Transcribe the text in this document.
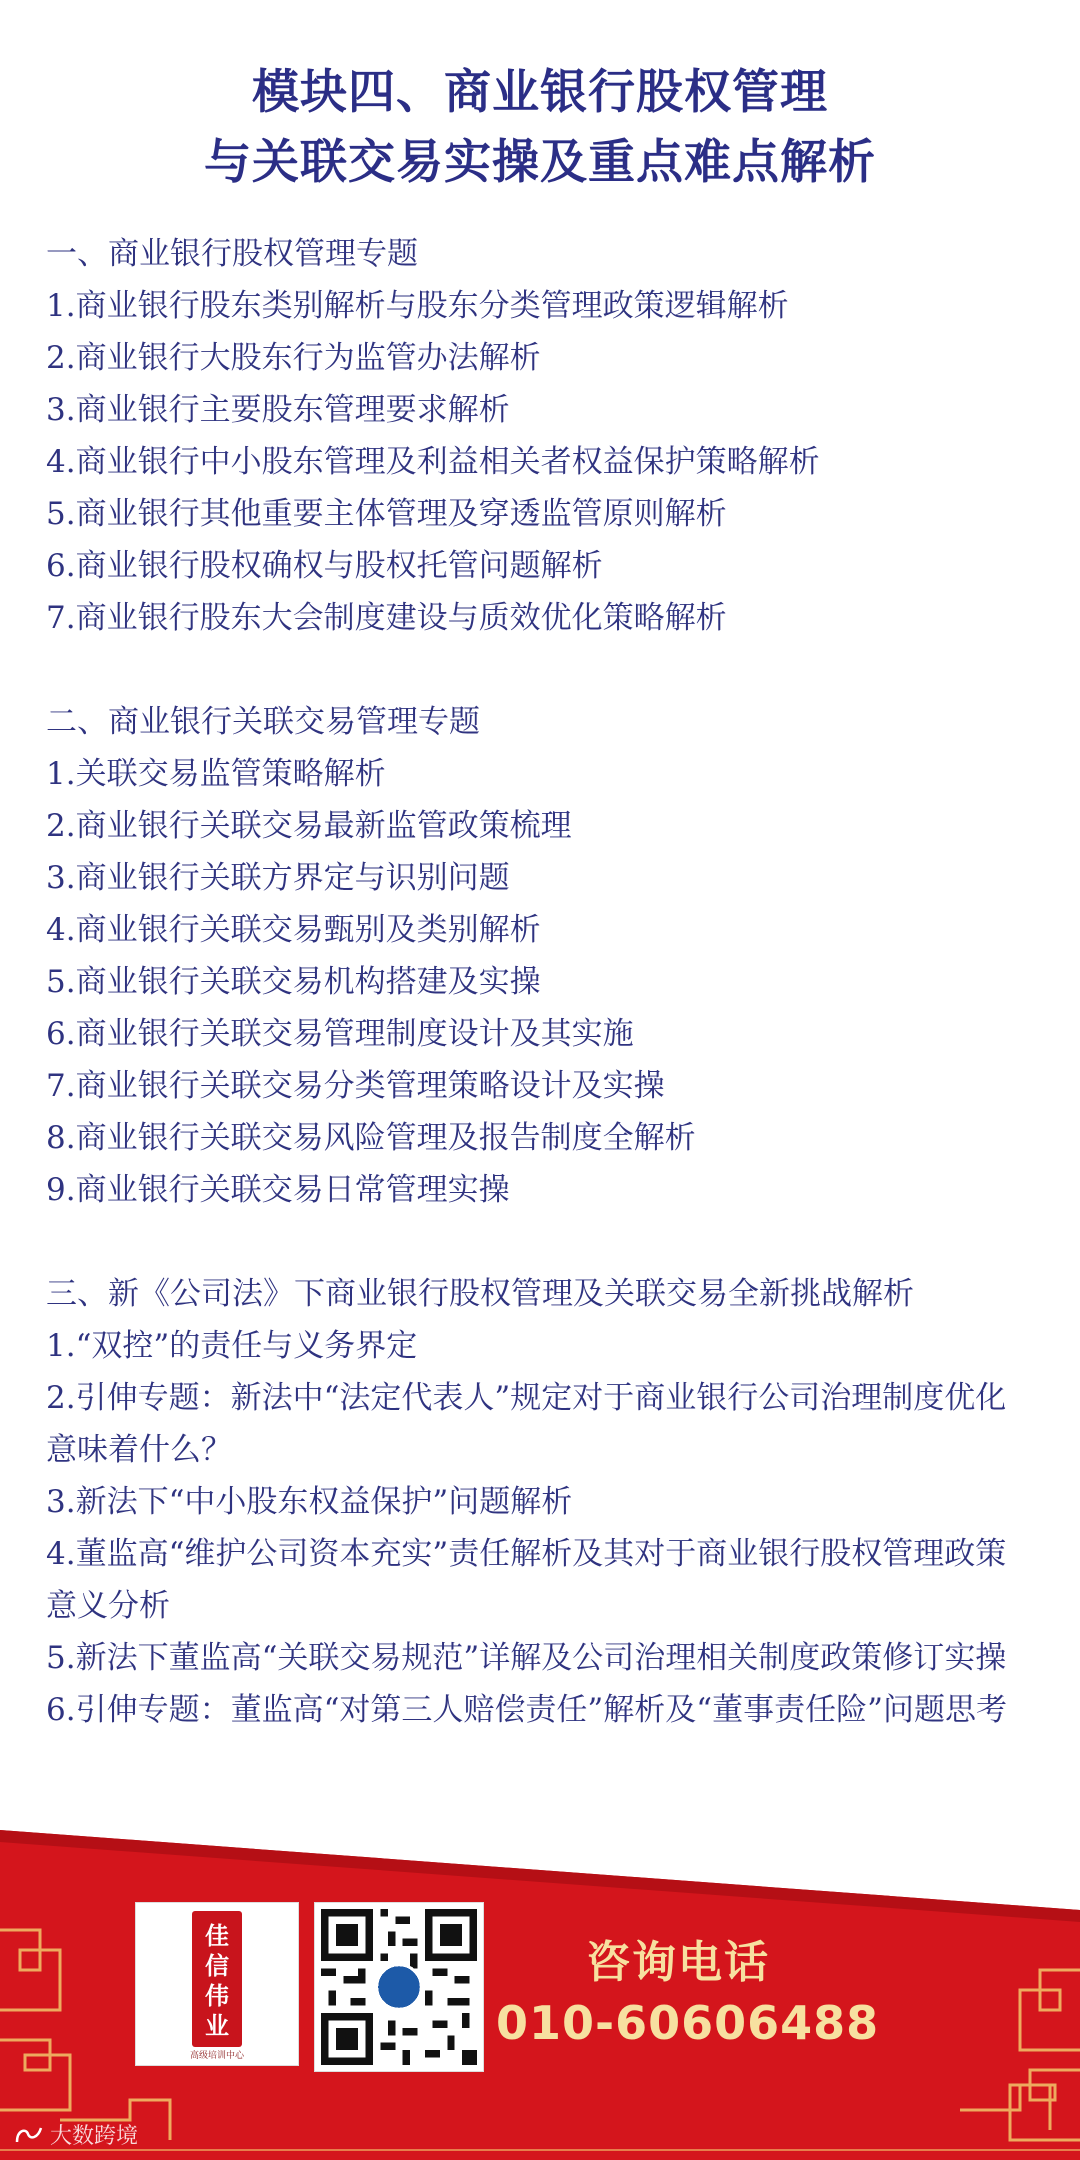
模块四、商业银行股权管理
与关联交易实操及重点难点解析
一、商业银行股权管理专题
1.商业银行股东类别解析与股东分类管理政策逻辑解析
2.商业银行大股东行为监管办法解析
3.商业银行主要股东管理要求解析
4.商业银行中小股东管理及利益相关者权益保护策略解析
5.商业银行其他重要主体管理及穿透监管原则解析
6.商业银行股权确权与股权托管问题解析
7.商业银行股东大会制度建设与质效优化策略解析
二、商业银行关联交易管理专题
1.关联交易监管策略解析
2.商业银行关联交易最新监管政策梳理
3.商业银行关联方界定与识别问题
4.商业银行关联交易甄别及类别解析
5.商业银行关联交易机构搭建及实操
6.商业银行关联交易管理制度设计及其实施
7.商业银行关联交易分类管理策略设计及实操
8.商业银行关联交易风险管理及报告制度全解析
9.商业银行关联交易日常管理实操
三、新《公司法》下商业银行股权管理及关联交易全新挑战解析
1.“双控”的责任与义务界定
2.引伸专题：新法中“法定代表人”规定对于商业银行公司治理制度优化意味着什么？
3.新法下“中小股东权益保护”问题解析
4.董监高“维护公司资本充实”责任解析及其对于商业银行股权管理政策意义分析
5.新法下董监高“关联交易规范”详解及公司治理相关制度政策修订实操
6.引伸专题：董监高“对第三人赔偿责任”解析及“董事责任险”问题思考
佳
信
伟
业
高级培训中心
咨询电话
010-60606488
大数跨境
